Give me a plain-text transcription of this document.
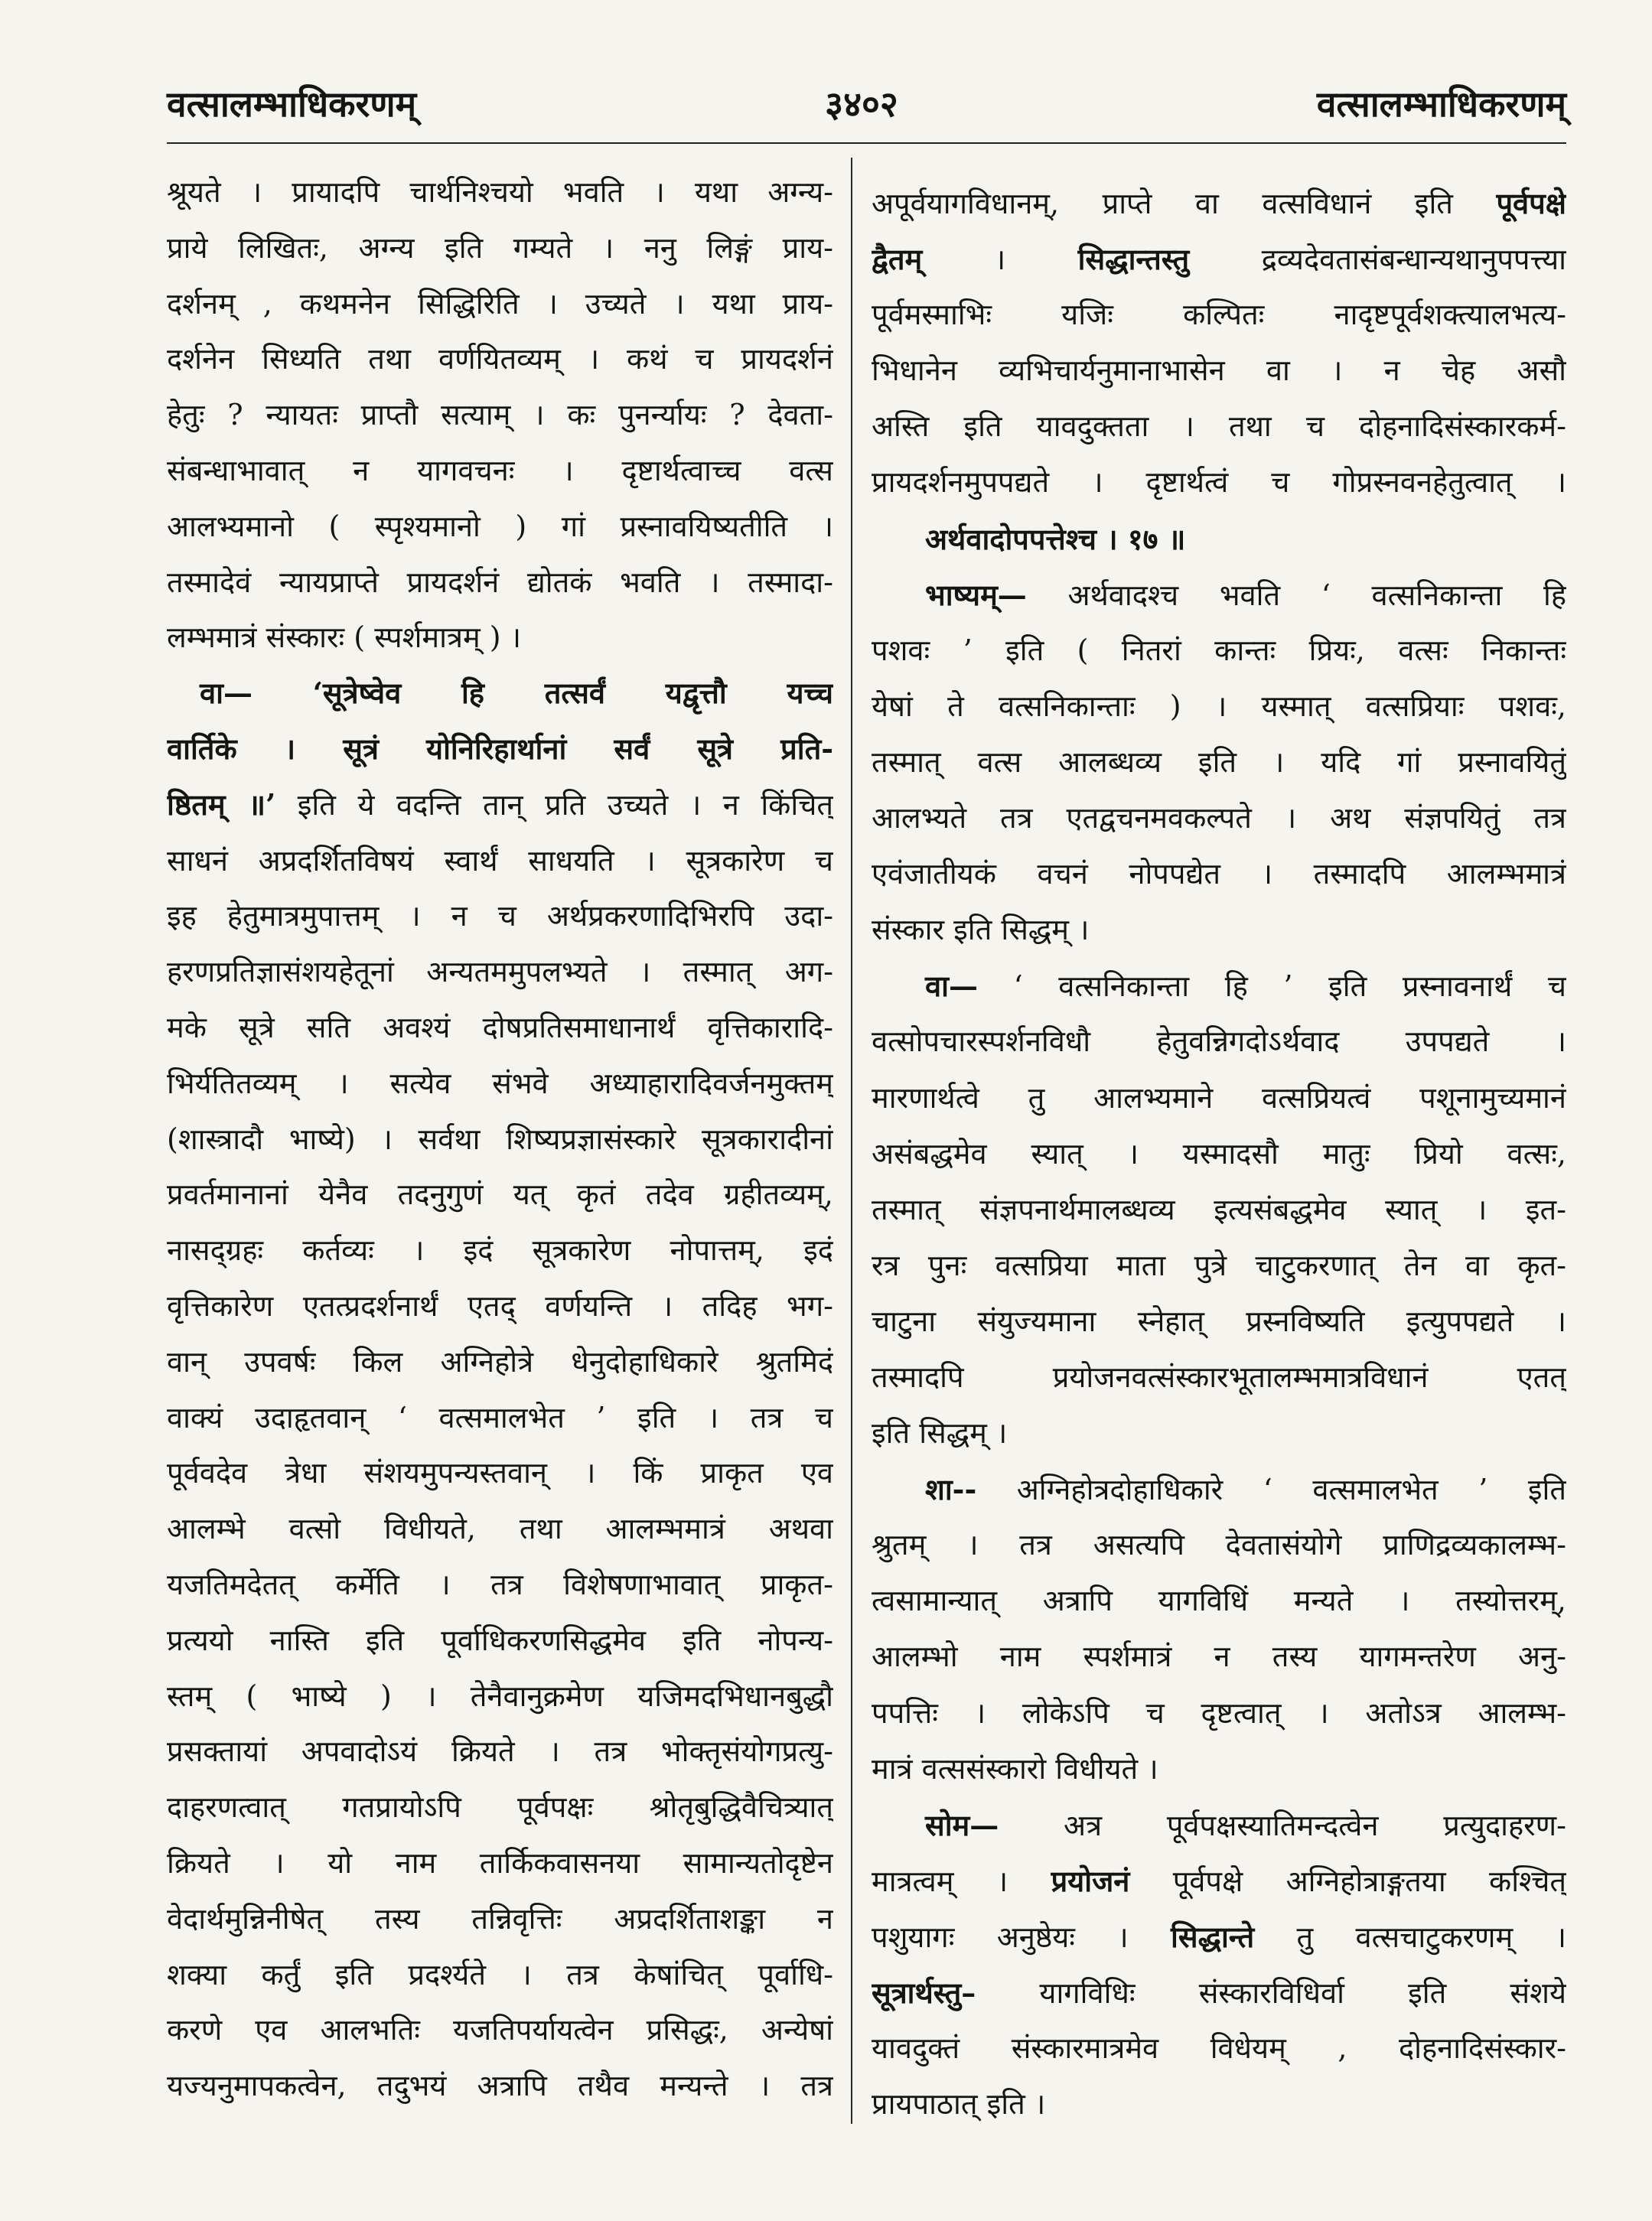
वत्सालम्भाधिकरणम्	३४०२	वत्सालम्भाधिकरणम्
श्रूयते । प्रायादपि चार्थनिश्चयो भवति । यथा अग्न्य-
प्राये लिखितः, अग्न्य इति गम्यते । ननु लिङ्गं प्राय-
दर्शनम् , कथमनेन सिद्धिरिति । उच्यते । यथा प्राय-
दर्शनेन सिध्यति तथा वर्णयितव्यम् । कथं च प्रायदर्शनं
हेतुः ? न्यायतः प्राप्तौ सत्याम् । कः पुनर्न्यायः ? देवता-
संबन्धाभावात् न यागवचनः । दृष्टार्थत्वाच्च वत्स
आलभ्यमानो ( स्पृश्यमानो ) गां प्रस्नावयिष्यतीति ।
तस्मादेवं न्यायप्राप्ते प्रायदर्शनं द्योतकं भवति । तस्मादा-
लम्भमात्रं संस्कारः ( स्पर्शमात्रम् ) ।
वा— ‘सूत्रेष्वेव हि तत्सर्वं यद्वृत्तौ यच्च
वार्तिके । सूत्रं योनिरिहार्थानां सर्वं सूत्रे प्रति-
ष्ठितम् ॥’ इति ये वदन्ति तान् प्रति उच्यते । न किंचित्
साधनं अप्रदर्शितविषयं स्वार्थं साधयति । सूत्रकारेण च
इह हेतुमात्रमुपात्तम् । न च अर्थप्रकरणादिभिरपि उदा-
हरणप्रतिज्ञासंशयहेतूनां अन्यतममुपलभ्यते । तस्मात् अग-
मके सूत्रे सति अवश्यं दोषप्रतिसमाधानार्थं वृत्तिकारादि-
भिर्यतितव्यम् । सत्येव संभवे अध्याहारादिवर्जनमुक्तम्
(शास्त्रादौ भाष्ये) । सर्वथा शिष्यप्रज्ञासंस्कारे सूत्रकारादीनां
प्रवर्तमानानां येनैव तदनुगुणं यत् कृतं तदेव ग्रहीतव्यम्,
नासद्ग्रहः कर्तव्यः । इदं सूत्रकारेण नोपात्तम्, इदं
वृत्तिकारेण एतत्प्रदर्शनार्थं एतद् वर्णयन्ति । तदिह भग-
वान् उपवर्षः किल अग्निहोत्रे धेनुदोहाधिकारे श्रुतमिदं
वाक्यं उदाहृतवान् ‘ वत्समालभेत ’ इति । तत्र च
पूर्ववदेव त्रेधा संशयमुपन्यस्तवान् । किं प्राकृत एव
आलम्भे वत्सो विधीयते, तथा आलम्भमात्रं अथवा
यजतिमदेतत् कर्मेति । तत्र विशेषणाभावात् प्राकृत-
प्रत्ययो नास्ति इति पूर्वाधिकरणसिद्धमेव इति नोपन्य-
स्तम् ( भाष्ये ) । तेनैवानुक्रमेण यजिमदभिधानबुद्धौ
प्रसक्तायां अपवादोऽयं क्रियते । तत्र भोक्तृसंयोगप्रत्यु-
दाहरणत्वात् गतप्रायोऽपि पूर्वपक्षः श्रोतृबुद्धिवैचित्र्यात्
क्रियते । यो नाम तार्किकवासनया सामान्यतोदृष्टेन
वेदार्थमुन्निनीषेत् तस्य तन्निवृत्तिः अप्रदर्शिताशङ्का न
शक्या कर्तुं इति प्रदर्श्यते । तत्र केषांचित् पूर्वाधि-
करणे एव आलभतिः यजतिपर्यायत्वेन प्रसिद्धः, अन्येषां
यज्यनुमापकत्वेन, तदुभयं अत्रापि तथैव मन्यन्ते । तत्र
अपूर्वयागविधानम्, प्राप्ते वा वत्सविधानं इति पूर्वपक्षे
द्वैतम् । सिद्धान्तस्तु द्रव्यदेवतासंबन्धान्यथानुपपत्त्या
पूर्वमस्माभिः यजिः कल्पितः नादृष्टपूर्वशक्त्यालभत्य-
भिधानेन व्यभिचार्यनुमानाभासेन वा । न चेह असौ
अस्ति इति यावदुक्तता । तथा च दोहनादिसंस्कारकर्म-
प्रायदर्शनमुपपद्यते । दृष्टार्थत्वं च गोप्रस्नवनहेतुत्वात् ।
अर्थवादोपपत्तेश्च । १७ ॥
भाष्यम्— अर्थवादश्च भवति ‘ वत्सनिकान्ता हि
पशवः ’ इति ( नितरां कान्तः प्रियः, वत्सः निकान्तः
येषां ते वत्सनिकान्ताः ) । यस्मात् वत्सप्रियाः पशवः,
तस्मात् वत्स आलब्धव्य इति । यदि गां प्रस्नावयितुं
आलभ्यते तत्र एतद्वचनमवकल्पते । अथ संज्ञपयितुं तत्र
एवंजातीयकं वचनं नोपपद्येत । तस्मादपि आलम्भमात्रं
संस्कार इति सिद्धम् ।
वा— ‘ वत्सनिकान्ता हि ’ इति प्रस्नावनार्थं च
वत्सोपचारस्पर्शनविधौ हेतुवन्निगदोऽर्थवाद उपपद्यते ।
मारणार्थत्वे तु आलभ्यमाने वत्सप्रियत्वं पशूनामुच्यमानं
असंबद्धमेव स्यात् । यस्मादसौ मातुः प्रियो वत्सः,
तस्मात् संज्ञपनार्थमालब्धव्य इत्यसंबद्धमेव स्यात् । इत-
रत्र पुनः वत्सप्रिया माता पुत्रे चाटुकरणात् तेन वा कृत-
चाटुना संयुज्यमाना स्नेहात् प्रस्नविष्यति इत्युपपद्यते ।
तस्मादपि प्रयोजनवत्संस्कारभूतालम्भमात्रविधानं एतत्
इति सिद्धम् ।
शा-- अग्निहोत्रदोहाधिकारे ‘ वत्समालभेत ’ इति
श्रुतम् । तत्र असत्यपि देवतासंयोगे प्राणिद्रव्यकालम्भ-
त्वसामान्यात् अत्रापि यागविधिं मन्यते । तस्योत्तरम्,
आलम्भो नाम स्पर्शमात्रं न तस्य यागमन्तरेण अनु-
पपत्तिः । लोकेऽपि च दृष्टत्वात् । अतोऽत्र आलम्भ-
मात्रं वत्ससंस्कारो विधीयते ।
सोम— अत्र पूर्वपक्षस्यातिमन्दत्वेन प्रत्युदाहरण-
मात्रत्वम् । प्रयोजनं पूर्वपक्षे अग्निहोत्राङ्गतया कश्चित्
पशुयागः अनुष्ठेयः । सिद्धान्ते तु वत्सचाटुकरणम् ।
सूत्रार्थस्तु– यागविधिः संस्कारविधिर्वा इति संशये
यावदुक्तं संस्कारमात्रमेव विधेयम् , दोहनादिसंस्कार-
प्रायपाठात् इति ।
